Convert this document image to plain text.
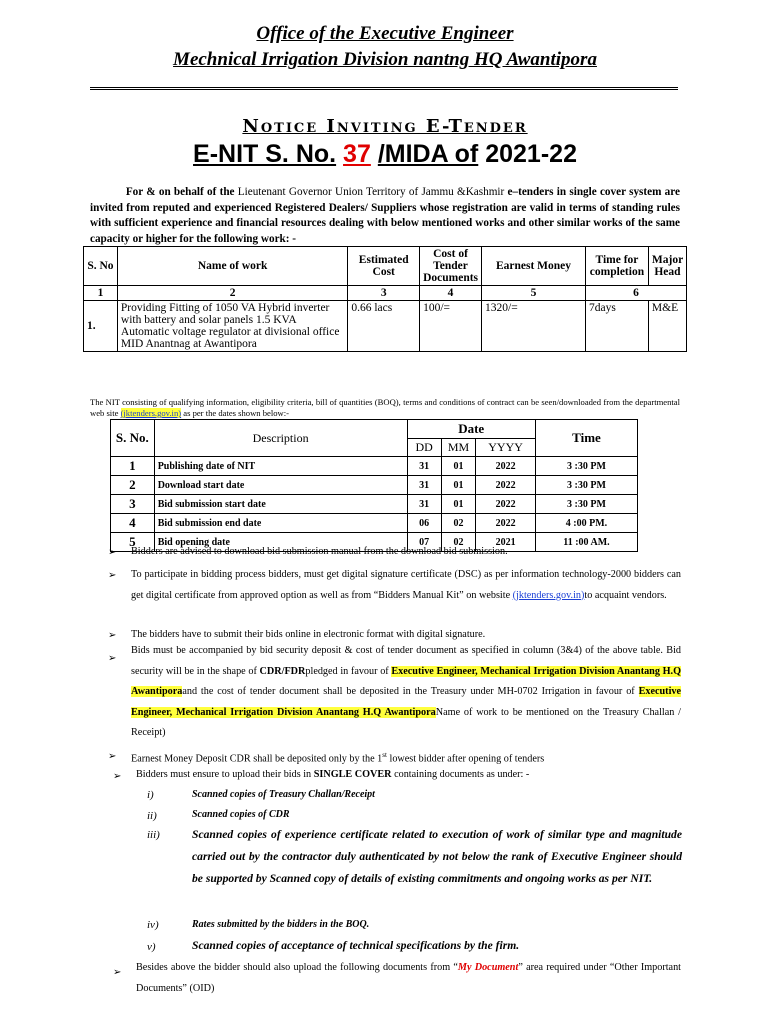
Office of the Executive Engineer
Mechnical Irrigation Division nantng HQ Awantipora
Notice Inviting E-Tender
E-NIT S. No. 37 /MIDA of 2021-22
For & on behalf of the Lieutenant Governor Union Territory of Jammu &Kashmir e–tenders in single cover system are invited from reputed and experienced Registered Dealers/ Suppliers whose registration are valid in terms of standing rules with sufficient experience and financial resources dealing with below mentioned works and other similar works of the same capacity or higher for the following work: -
S. No	Name of work	Estimated Cost	Cost of Tender Documents	Earnest Money	Time for completion	Major Head
1	2	3	4	5	6	
1.	Providing Fitting of 1050 VA Hybrid inverter with battery and solar panels 1.5 KVA Automatic voltage regulator at divisional office MID Anantnag at Awantipora	0.66 lacs	100/=	1320/=	7days	M&E
The NIT consisting of qualifying information, eligibility criteria, bill of quantities (BOQ), terms and conditions of contract can be seen/downloaded from the departmental web site (jktenders.gov.in) as per the dates shown below:-
S. No.	Description	Date			Time
		DD	MM	YYYY	
1	Publishing date of NIT	31	01	2022	3 :30 PM
2	Download start date	31	01	2022	3 :30 PM
3	Bid submission start date	31	01	2022	3 :30 PM
4	Bid submission end date	06	02	2022	4 :00 PM.
5	Bid opening date	07	02	2021	11 :00 AM.
➢	Bidders are advised to download bid submission manual from the download bid submission.
➢	To participate in bidding process bidders, must get digital signature certificate (DSC) as per information technology-2000 bidders can get digital certificate from approved option as well as from “Bidders Manual Kit” on website (jktenders.gov.in)to acquaint vendors.
➢	The bidders have to submit their bids online in electronic format with digital signature.
➢
Bids must be accompanied by bid security deposit & cost of tender document as specified in column (3&4) of the above table. Bid security will be in the shape of CDR/FDRpledged in favour of Executive Engineer, Mechanical Irrigation Division Anantang H.Q Awantiporaand the cost of tender document shall be deposited in the Treasury under MH-0702 Irrigation in favour of Executive Engineer, Mechanical Irrigation Division Anantang H.Q AwantiporaName of work to be mentioned on the Treasury Challan / Receipt)
➢	Earnest Money Deposit CDR shall be deposited only by the 1st lowest bidder after opening of tenders
➢	Bidders must ensure to upload their bids in SINGLE COVER containing documents as under: -
i)	Scanned copies of Treasury Challan/Receipt
ii)	Scanned copies of CDR
iii)	Scanned copies of experience certificate related to execution of work of similar type and magnitude carried out by the contractor duly authenticated by not below the rank of Executive Engineer should be supported by Scanned copy of details of existing commitments and ongoing works as per NIT.
iv)	Rates submitted by the bidders in the BOQ.
v)	Scanned copies of acceptance of technical specifications by the firm.
➢	Besides above the bidder should also upload the following documents from “My Document” area required under “Other Important Documents” (OID)
